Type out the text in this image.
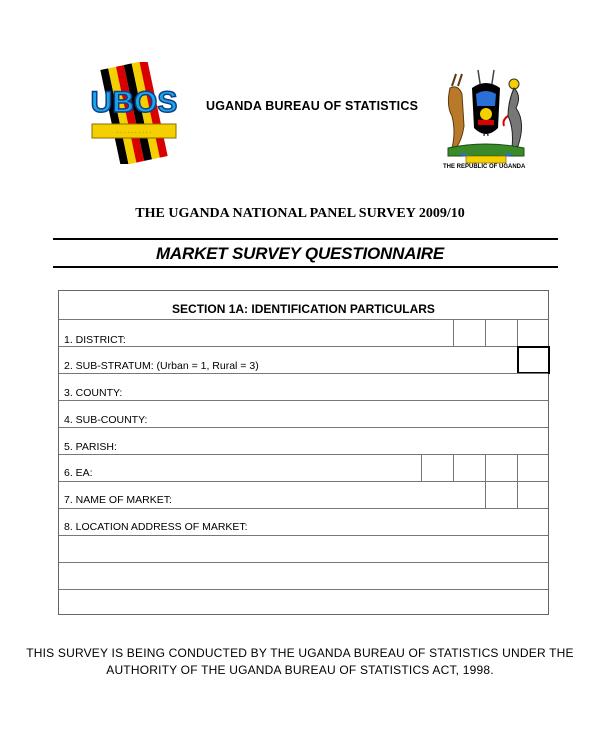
· · · · · · · · · ·
UBOS UGANDA BUREAU OF STATISTICS
THE REPUBLIC OF UGANDA
THE UGANDA NATIONAL PANEL SURVEY 2009/10
MARKET SURVEY QUESTIONNAIRE
SECTION 1A: IDENTIFICATION PARTICULARS
1. DISTRICT:
2. SUB-STRATUM: (Urban = 1, Rural = 3)
3. COUNTY:
4. SUB-COUNTY:
5. PARISH:
6. EA:
7. NAME OF MARKET:
8. LOCATION ADDRESS OF MARKET:
THIS SURVEY IS BEING CONDUCTED BY THE UGANDA BUREAU OF STATISTICS UNDER THE
AUTHORITY OF THE UGANDA BUREAU OF STATISTICS ACT, 1998.
